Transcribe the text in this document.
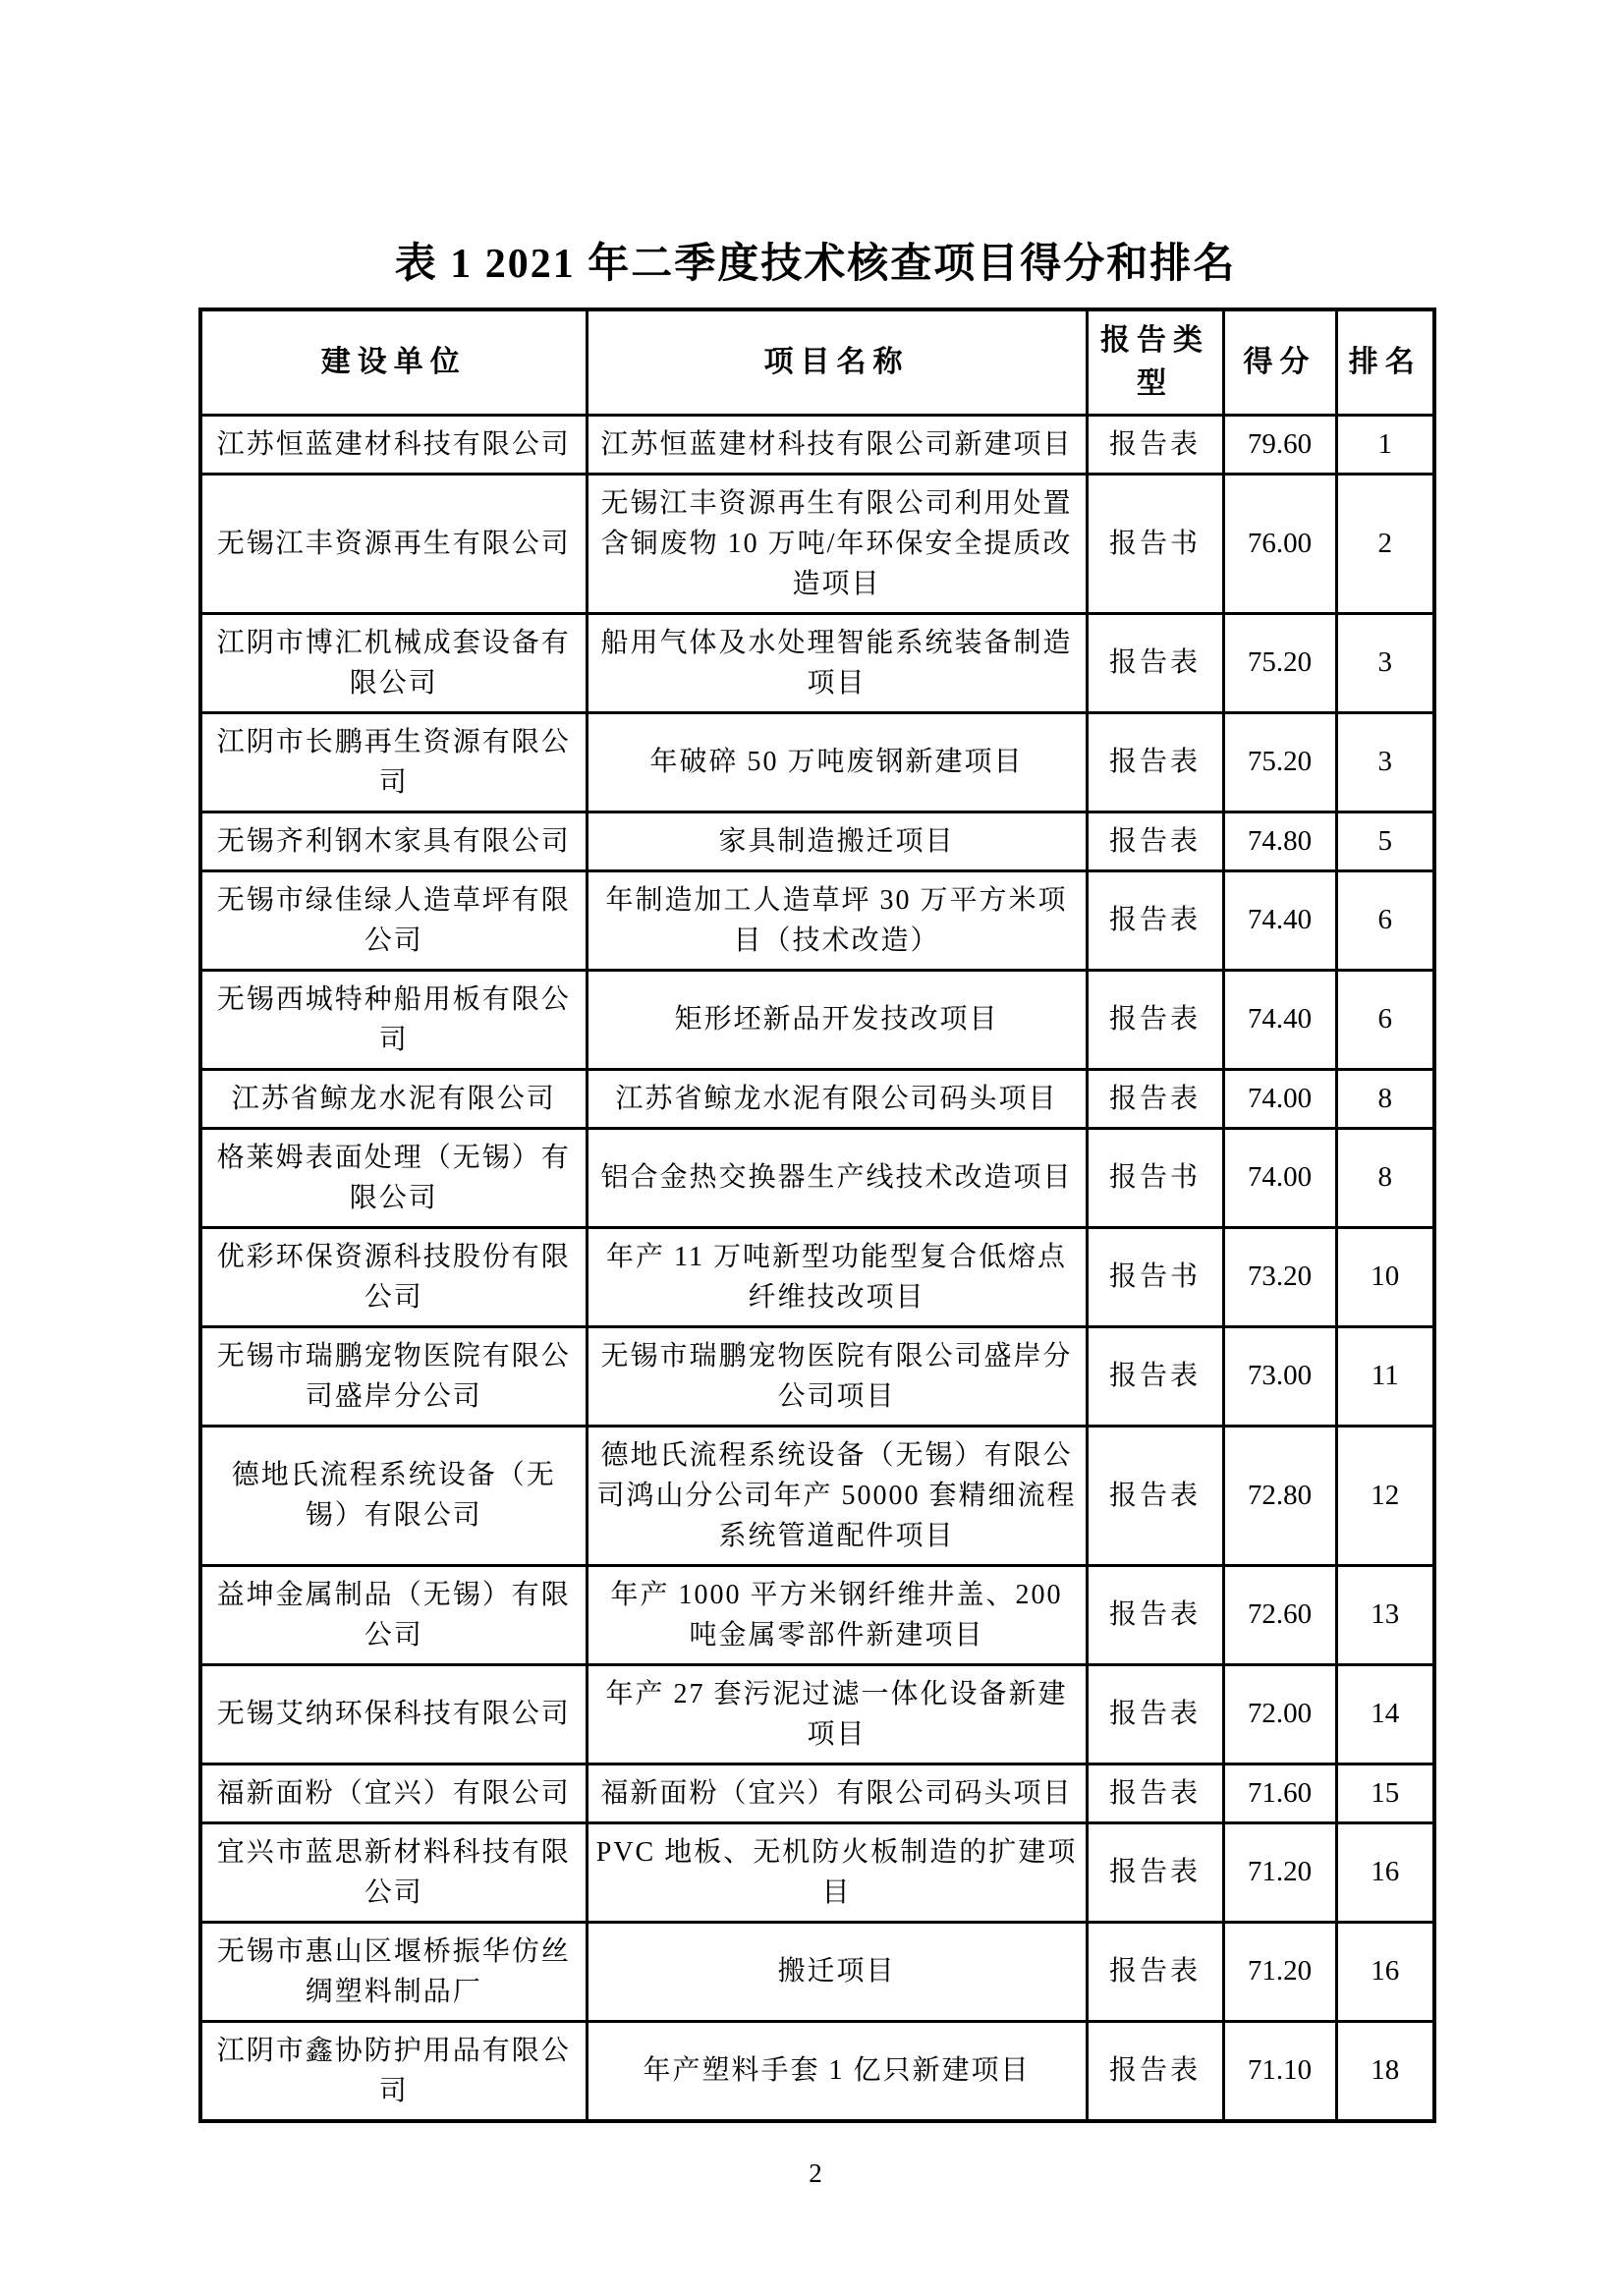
表 1 2021 年二季度技术核查项目得分和排名
建设单位	项目名称	报告类型	得分	排名
江苏恒蓝建材科技有限公司	江苏恒蓝建材科技有限公司新建项目	报告表	79.60	1
无锡江丰资源再生有限公司	无锡江丰资源再生有限公司利用处置含铜废物 10 万吨/年环保安全提质改造项目	报告书	76.00	2
江阴市博汇机械成套设备有限公司	船用气体及水处理智能系统装备制造项目	报告表	75.20	3
江阴市长鹏再生资源有限公司	年破碎 50 万吨废钢新建项目	报告表	75.20	3
无锡齐利钢木家具有限公司	家具制造搬迁项目	报告表	74.80	5
无锡市绿佳绿人造草坪有限公司	年制造加工人造草坪 30 万平方米项目（技术改造）	报告表	74.40	6
无锡西城特种船用板有限公司	矩形坯新品开发技改项目	报告表	74.40	6
江苏省鲸龙水泥有限公司	江苏省鲸龙水泥有限公司码头项目	报告表	74.00	8
格莱姆表面处理（无锡）有限公司	铝合金热交换器生产线技术改造项目	报告书	74.00	8
优彩环保资源科技股份有限公司	年产 11 万吨新型功能型复合低熔点纤维技改项目	报告书	73.20	10
无锡市瑞鹏宠物医院有限公司盛岸分公司	无锡市瑞鹏宠物医院有限公司盛岸分公司项目	报告表	73.00	11
德地氏流程系统设备（无锡）有限公司	德地氏流程系统设备（无锡）有限公司鸿山分公司年产 50000 套精细流程系统管道配件项目	报告表	72.80	12
益坤金属制品（无锡）有限公司	年产 1000 平方米钢纤维井盖、200 吨金属零部件新建项目	报告表	72.60	13
无锡艾纳环保科技有限公司	年产 27 套污泥过滤一体化设备新建项目	报告表	72.00	14
福新面粉（宜兴）有限公司	福新面粉（宜兴）有限公司码头项目	报告表	71.60	15
宜兴市蓝思新材料科技有限公司	PVC 地板、无机防火板制造的扩建项目	报告表	71.20	16
无锡市惠山区堰桥振华仿丝绸塑料制品厂	搬迁项目	报告表	71.20	16
江阴市鑫协防护用品有限公司	年产塑料手套 1 亿只新建项目	报告表	71.10	18
2
